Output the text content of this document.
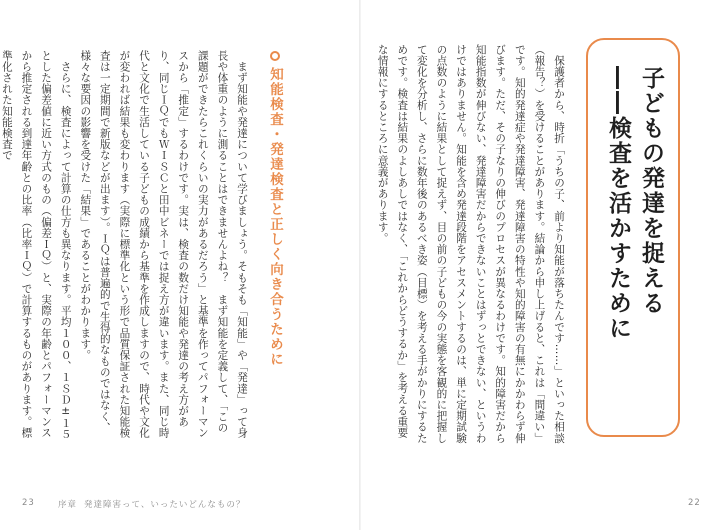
子どもの発達を捉える
――検査を活かすために

　保護者から、時折「うちの子、前より知能が落ちたんです……」といった相談（報告？）を受けることがあります。結論から申し上げると、これは「間違い」です。知的発達症や発達障害、発達障害の特性や知的障害の有無にかかわらず伸びます。ただ、その子なりの伸びのプロセスが異なるわけです。知的障害だから知能指数が伸びない、発達障害だからできないことはずっとできない、というわけではありません。知能を含め発達段階をアセスメントするのは、単に定期試験の点数のように結果として捉えず、目の前の子どもの今の実態を客観的に把握して変化を分析し、さらに数年後のあるべき姿（目標）を考える手がかりにするためです。検査は結果のよしあしではなく、「これからどうするか」を考える重要な情報にするところに意義があります。

知能検査・発達検査と正しく向き合うために
　まず知能や発達について学びましょう。そもそも「知能」や「発達」って身長や体重のように測ることはできませんよね？　まず知能を定義して、「この課題ができたらこれくらいの実力があるだろう」と基準を作ってパフォーマンスから「推定」するわけです。実は、検査の数だけ知能や発達の考え方があり、同じＩＱでもＷＩＳＣと田中ビネーでは捉え方が違います。また、同じ時代と文化で生活している子どもの成績から基準を作成しますので、時代や文化が変われば結果も変わります（実際に標準化という形で品質保証された知能検査は一定期間で新版などが出ます）。ＩＱは普遍的で生得的なものではなく、様々な要因の影響を受けた「結果」であることがわかります。
　さらに、検査によって計算の仕方も異なります。平均１００、１ＳＤ±１５とした偏差値に近い方式のもの（偏差ＩＱ）と、実際の年齢とパフォーマンスから推定される到達年齢との比率（比率ＩＱ）で計算するものがあります。標準化された知能検査で
23	序章 発達障害って、いったいどんなもの？	22
